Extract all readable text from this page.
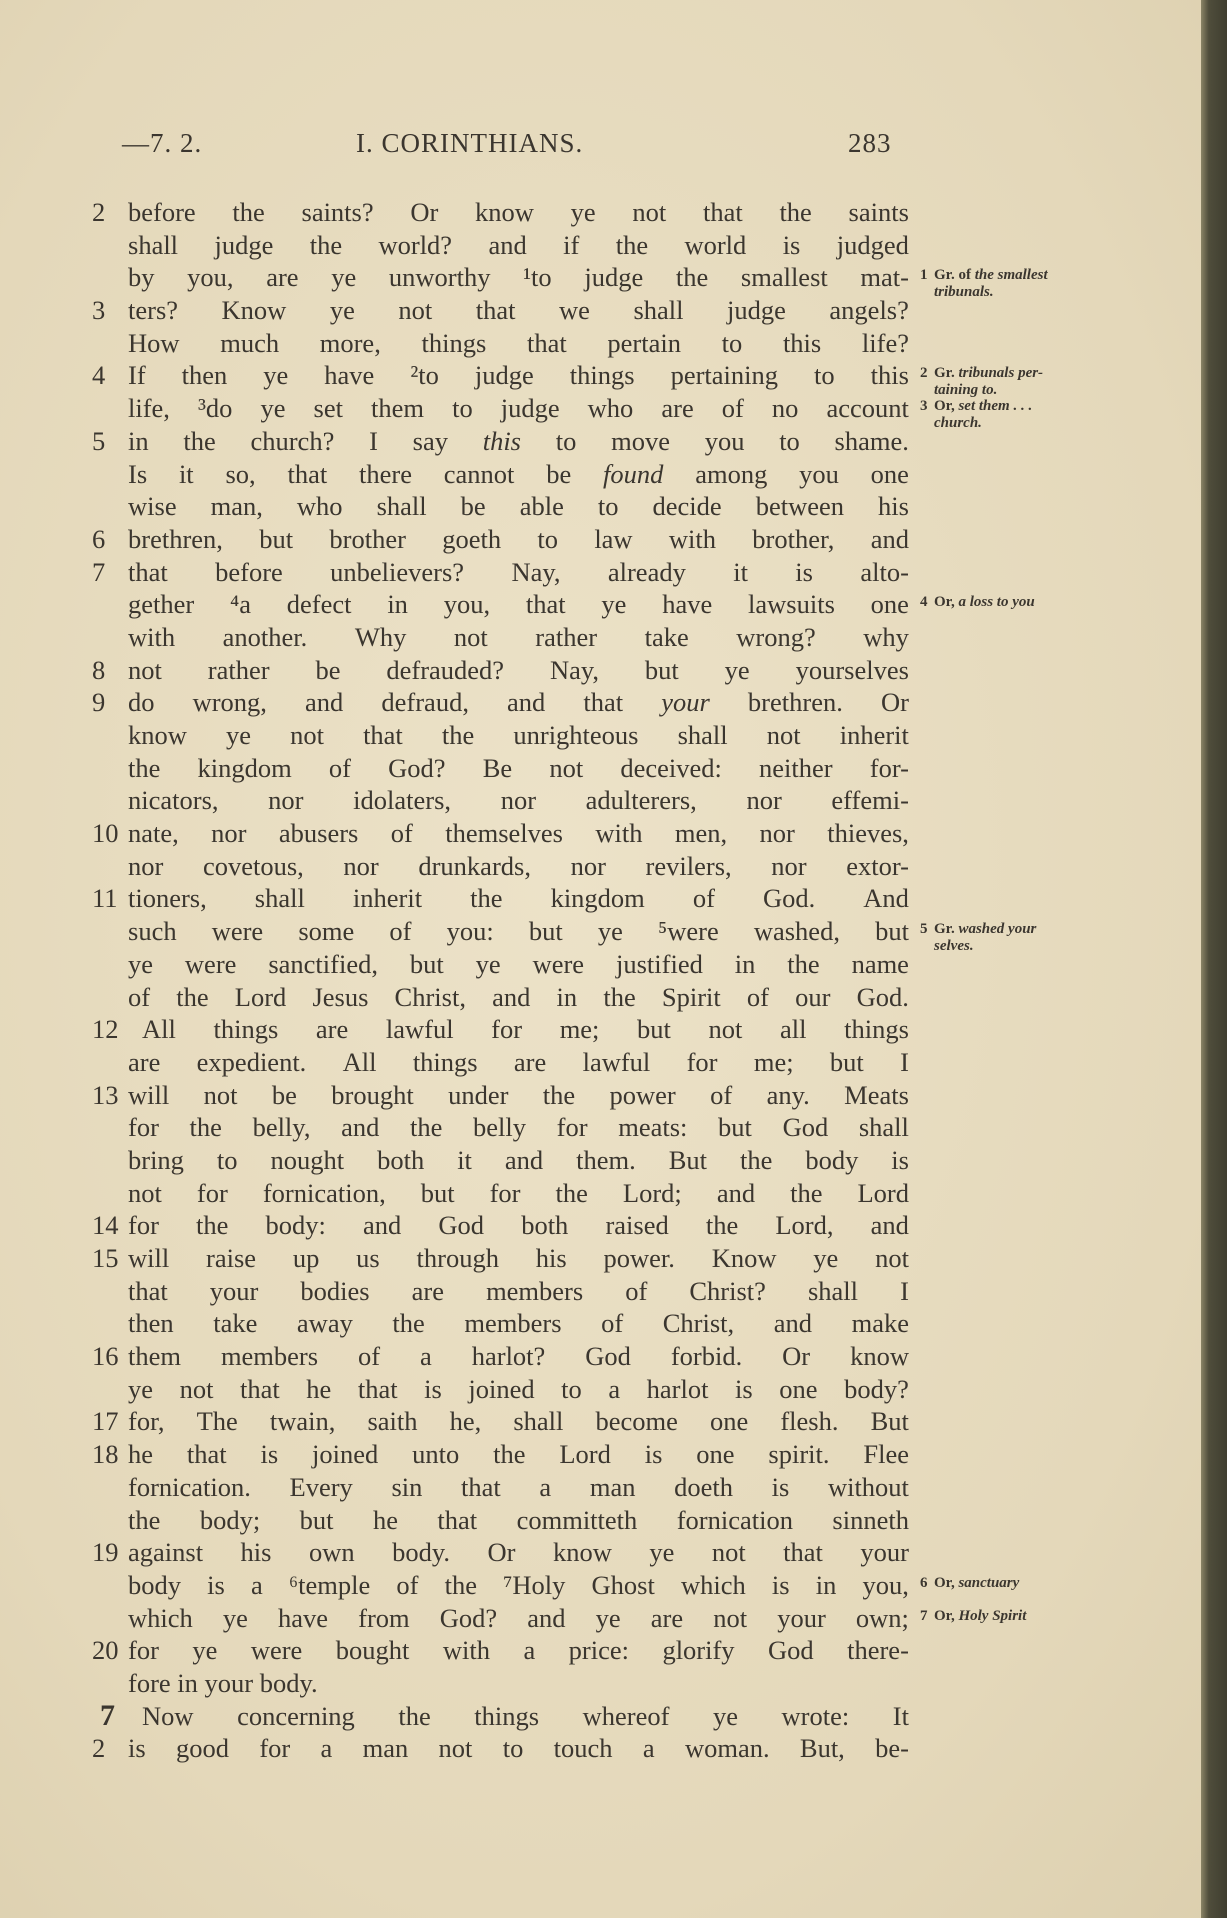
—7. 2.	I. CORINTHIANS.	283
2 before the saints? Or know ye not that the saints
shall judge the world? and if the world is judged
by you, are ye unworthy ¹to judge the smallest mat- 1 Gr. of the smallest
tribunals.
3 ters? Know ye not that we shall judge angels?
How much more, things that pertain to this life?
4 If then ye have ²to judge things pertaining to this 2 Gr. tribunals per-
taining to.
life, ³do ye set them to judge who are of no account 3 Or, set them . . .
church.
5 in the church? I say this to move you to shame.
Is it so, that there cannot be found among you one
wise man, who shall be able to decide between his
6 brethren, but brother goeth to law with brother, and
7 that before unbelievers? Nay, already it is alto-
gether ⁴a defect in you, that ye have lawsuits one 4 Or, a loss to you
with another. Why not rather take wrong? why
8 not rather be defrauded? Nay, but ye yourselves
9 do wrong, and defraud, and that your brethren. Or
know ye not that the unrighteous shall not inherit
the kingdom of God? Be not deceived: neither for-
nicators, nor idolaters, nor adulterers, nor effemi-
10 nate, nor abusers of themselves with men, nor thieves,
nor covetous, nor drunkards, nor revilers, nor extor-
11 tioners, shall inherit the kingdom of God. And
such were some of you: but ye ⁵were washed, but 5 Gr. washed your
selves.
ye were sanctified, but ye were justified in the name
of the Lord Jesus Christ, and in the Spirit of our God.
12 All things are lawful for me; but not all things
are expedient. All things are lawful for me; but I
13 will not be brought under the power of any. Meats
for the belly, and the belly for meats: but God shall
bring to nought both it and them. But the body is
not for fornication, but for the Lord; and the Lord
14 for the body: and God both raised the Lord, and
15 will raise up us through his power. Know ye not
that your bodies are members of Christ? shall I
then take away the members of Christ, and make
16 them members of a harlot? God forbid. Or know
ye not that he that is joined to a harlot is one body?
17 for, The twain, saith he, shall become one flesh. But
18 he that is joined unto the Lord is one spirit. Flee
fornication. Every sin that a man doeth is without
the body; but he that committeth fornication sinneth
19 against his own body. Or know ye not that your
body is a ⁶temple of the ⁷Holy Ghost which is in you, 6 Or, sanctuary
which ye have from God? and ye are not your own; 7 Or, Holy Spirit
20 for ye were bought with a price: glorify God there-
fore
in
your
body.
7	Now concerning the things whereof ye wrote: It
2 is good for a man not to touch a woman. But, be-
